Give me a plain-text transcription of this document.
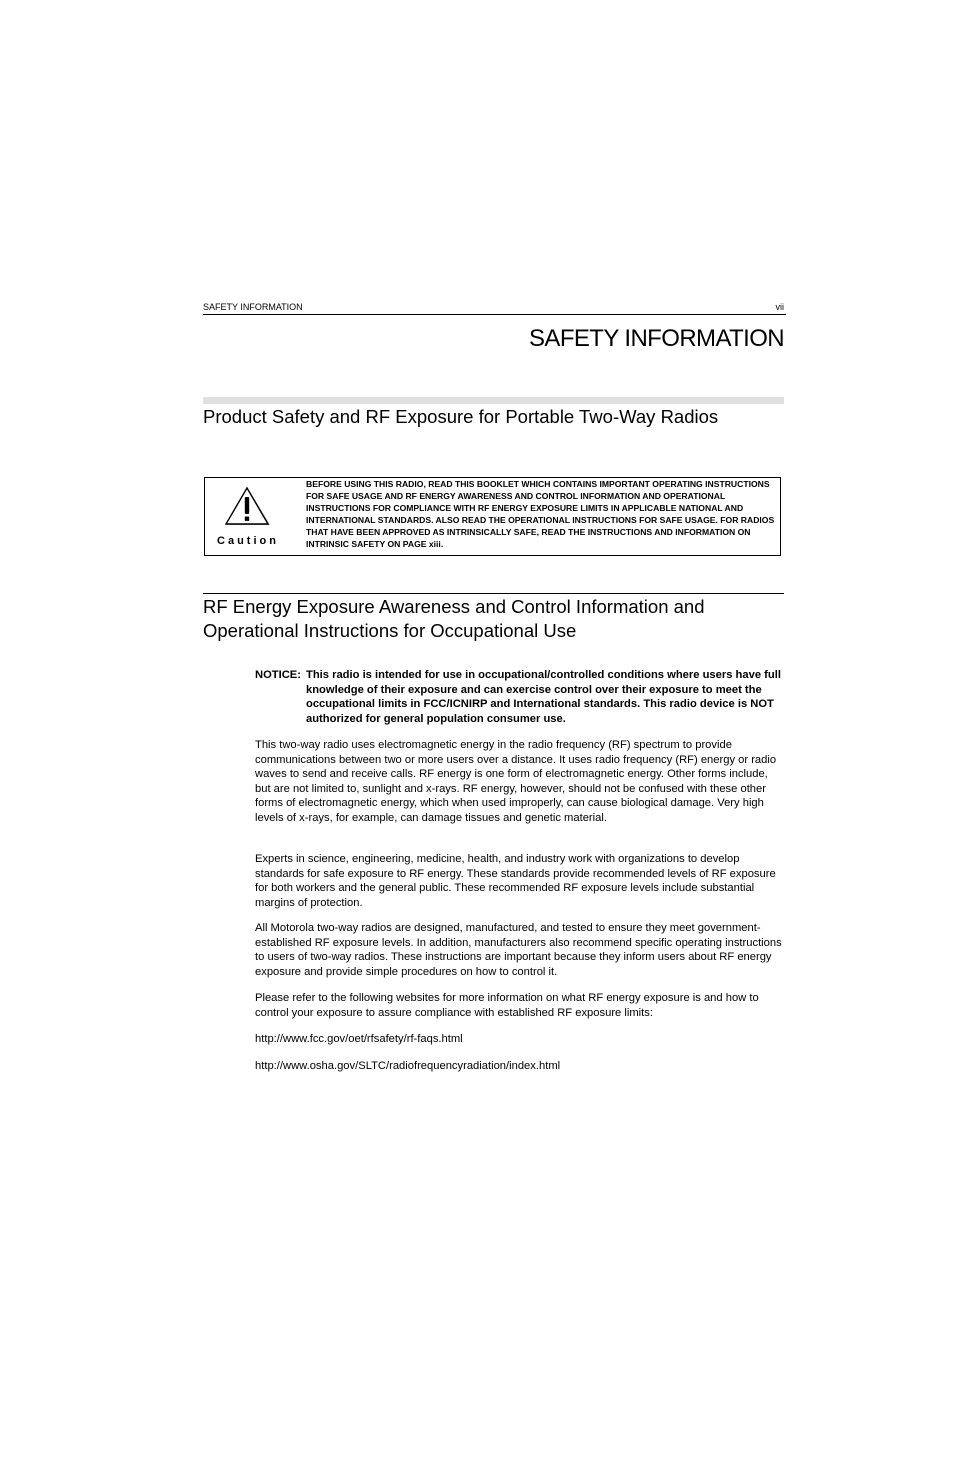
SAFETY INFORMATION	vii
SAFETY INFORMATION
Product Safety and RF Exposure for Portable Two-Way Radios
Caution
BEFORE USING THIS RADIO, READ THIS BOOKLET WHICH CONTAINS IMPORTANT OPERATING INSTRUCTIONS FOR SAFE USAGE AND RF ENERGY AWARENESS AND CONTROL INFORMATION AND OPERATIONAL INSTRUCTIONS FOR COMPLIANCE WITH RF ENERGY EXPOSURE LIMITS IN APPLICABLE NATIONAL AND INTERNATIONAL STANDARDS. ALSO READ THE OPERATIONAL INSTRUCTIONS FOR SAFE USAGE. FOR RADIOS THAT HAVE BEEN APPROVED AS INTRINSICALLY SAFE, READ THE INSTRUCTIONS AND INFORMATION ON INTRINSIC SAFETY ON PAGE xiii.
RF Energy Exposure Awareness and Control Information and Operational Instructions for Occupational Use
NOTICE: This radio is intended for use in occupational/controlled conditions where users have full knowledge of their exposure and can exercise control over their exposure to meet the occupational limits in FCC/ICNIRP and International standards. This radio device is NOT authorized for general population consumer use.
This two-way radio uses electromagnetic energy in the radio frequency (RF) spectrum to provide communications between two or more users over a distance. It uses radio frequency (RF) energy or radio waves to send and receive calls. RF energy is one form of electromagnetic energy. Other forms include, but are not limited to, sunlight and x-rays. RF energy, however, should not be confused with these other forms of electromagnetic energy, which when used improperly, can cause biological damage. Very high levels of x-rays, for example, can damage tissues and genetic material.
Experts in science, engineering, medicine, health, and industry work with organizations to develop standards for safe exposure to RF energy. These standards provide recommended levels of RF exposure for both workers and the general public. These recommended RF exposure levels include substantial margins of protection.
All Motorola two-way radios are designed, manufactured, and tested to ensure they meet government-established RF exposure levels. In addition, manufacturers also recommend specific operating instructions to users of two-way radios. These instructions are important because they inform users about RF energy exposure and provide simple procedures on how to control it.
Please refer to the following websites for more information on what RF energy exposure is and how to control your exposure to assure compliance with established RF exposure limits:
http://www.fcc.gov/oet/rfsafety/rf-faqs.html
http://www.osha.gov/SLTC/radiofrequencyradiation/index.html
